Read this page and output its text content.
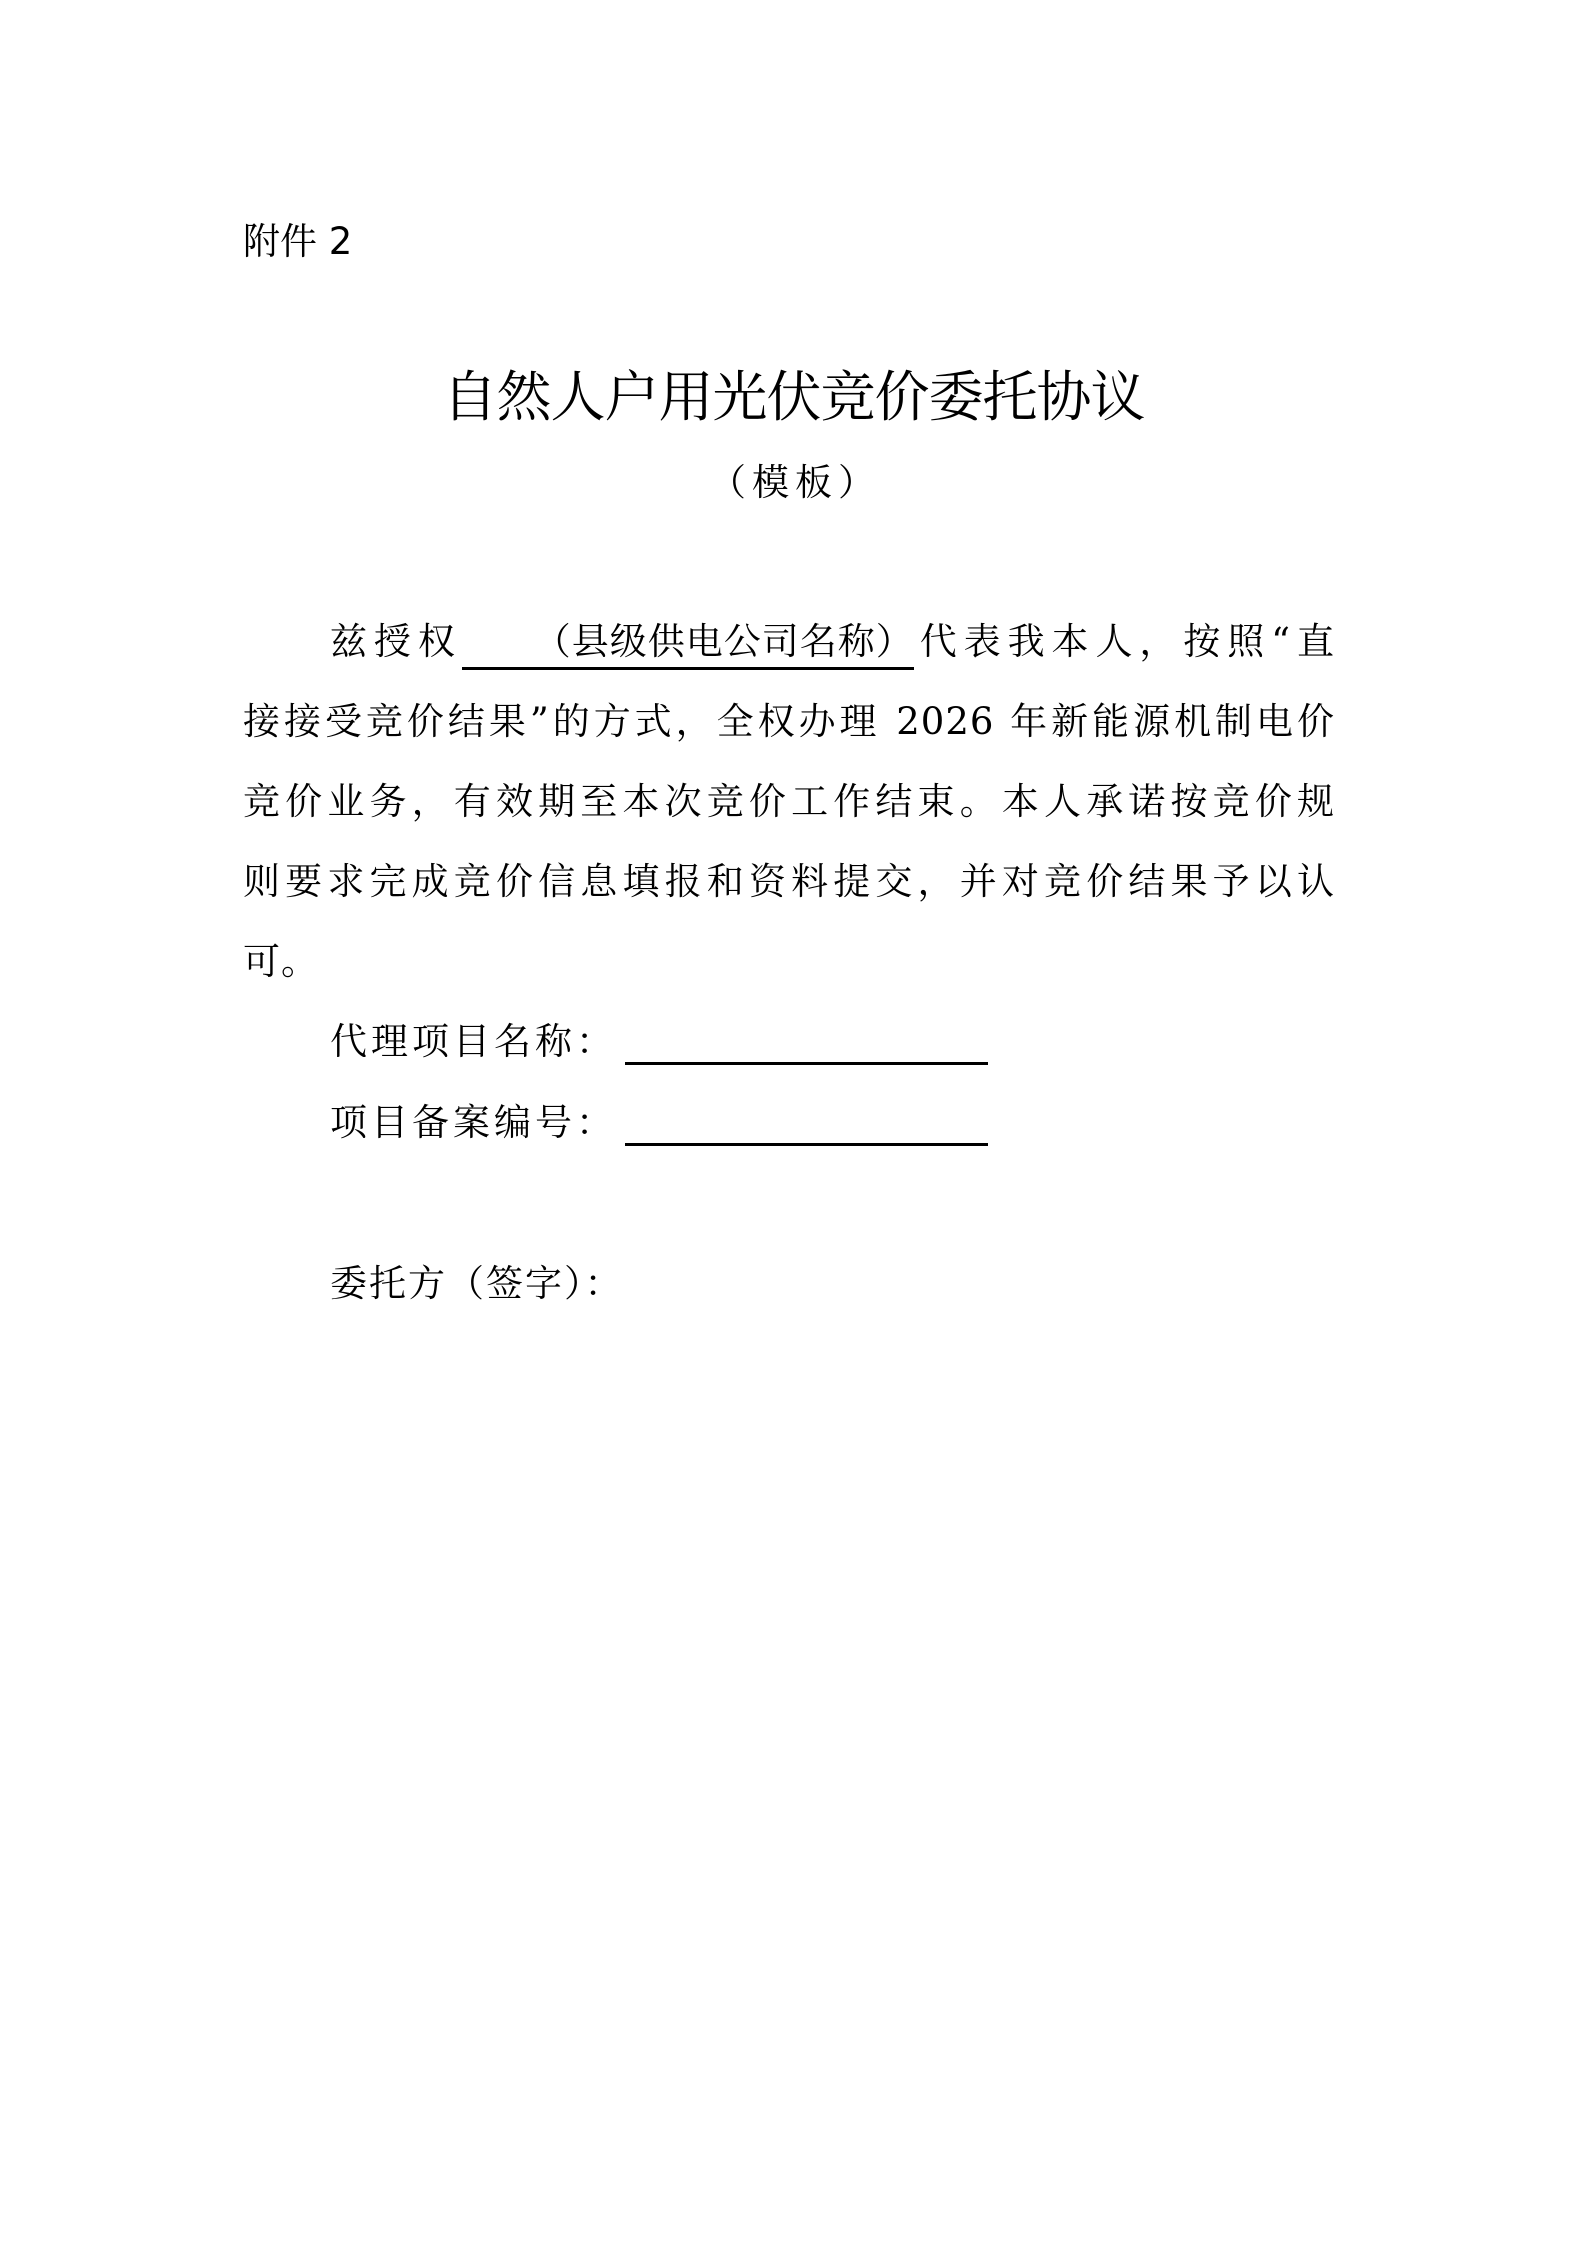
附件 2
自然人户用光伏竞价委托协议
（模板）
兹授权 （县级供电公司名称）代表我本人，按照“直
接接受竞价结果”的方式，全权办理 2026 年新能源机制电价
竞价业务，有效期至本次竞价工作结束。本人承诺按竞价规
则要求完成竞价信息填报和资料提交，并对竞价结果予以认
可。
代理项目名称：
项目备案编号：
委托方（签字）：
